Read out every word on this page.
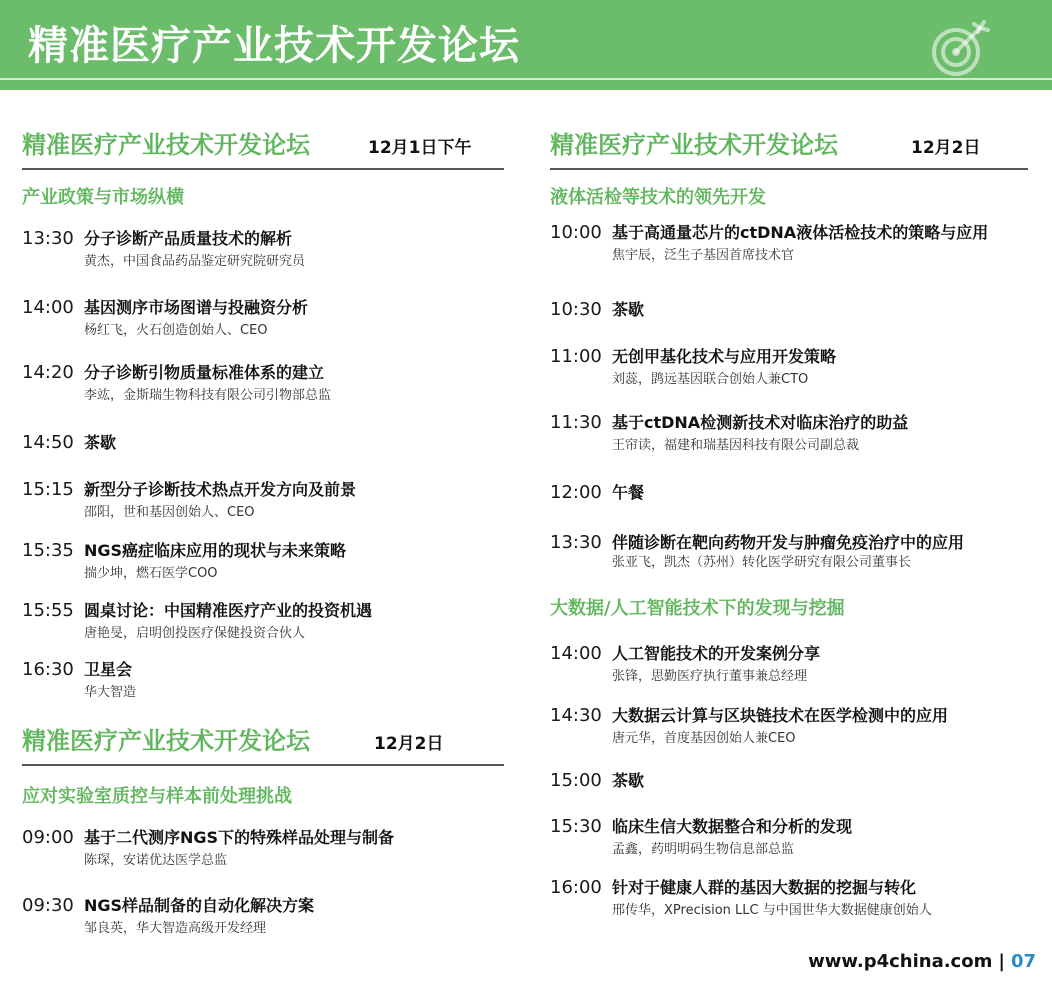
精准医疗产业技术开发论坛
精准医疗产业技术开发论坛	12月1日下午
产业政策与市场纵横
13:30 分子诊断产品质量技术的解析
黄杰，中国食品药品鉴定研究院研究员
14:00 基因测序市场图谱与投融资分析
杨红飞，火石创造创始人、CEO
14:20 分子诊断引物质量标准体系的建立
李竑，金斯瑞生物科技有限公司引物部总监
14:50 茶歇
15:15 新型分子诊断技术热点开发方向及前景
邵阳，世和基因创始人、CEO
15:35 NGS癌症临床应用的现状与未来策略
揣少坤，燃石医学COO
15:55 圆桌讨论：中国精准医疗产业的投资机遇
唐艳旻，启明创投医疗保健投资合伙人
16:30 卫星会
华大智造
精准医疗产业技术开发论坛	12月2日
应对实验室质控与样本前处理挑战
09:00 基于二代测序NGS下的特殊样品处理与制备
陈琛，安诺优达医学总监
09:30 NGS样品制备的自动化解决方案
邹良英，华大智造高级开发经理
精准医疗产业技术开发论坛	12月2日
液体活检等技术的领先开发
10:00 基于高通量芯片的ctDNA液体活检技术的策略与应用
焦宇辰，泛生子基因首席技术官
10:30 茶歇
11:00 无创甲基化技术与应用开发策略
刘蕊，鹍远基因联合创始人兼CTO
11:30 基于ctDNA检测新技术对临床治疗的助益
王帘读，福建和瑞基因科技有限公司副总裁
12:00 午餐
13:30 伴随诊断在靶向药物开发与肿瘤免疫治疗中的应用
张亚飞，凯杰（苏州）转化医学研究有限公司董事长
大数据/人工智能技术下的发现与挖掘
14:00 人工智能技术的开发案例分享
张锋，思勤医疗执行董事兼总经理
14:30 大数据云计算与区块链技术在医学检测中的应用
唐元华，首度基因创始人兼CEO
15:00 茶歇
15:30 临床生信大数据整合和分析的发现
孟鑫，药明明码生物信息部总监
16:00 针对于健康人群的基因大数据的挖掘与转化
邢传华，XPrecision LLC 与中国世华大数据健康创始人
www.p4china.com | 07
